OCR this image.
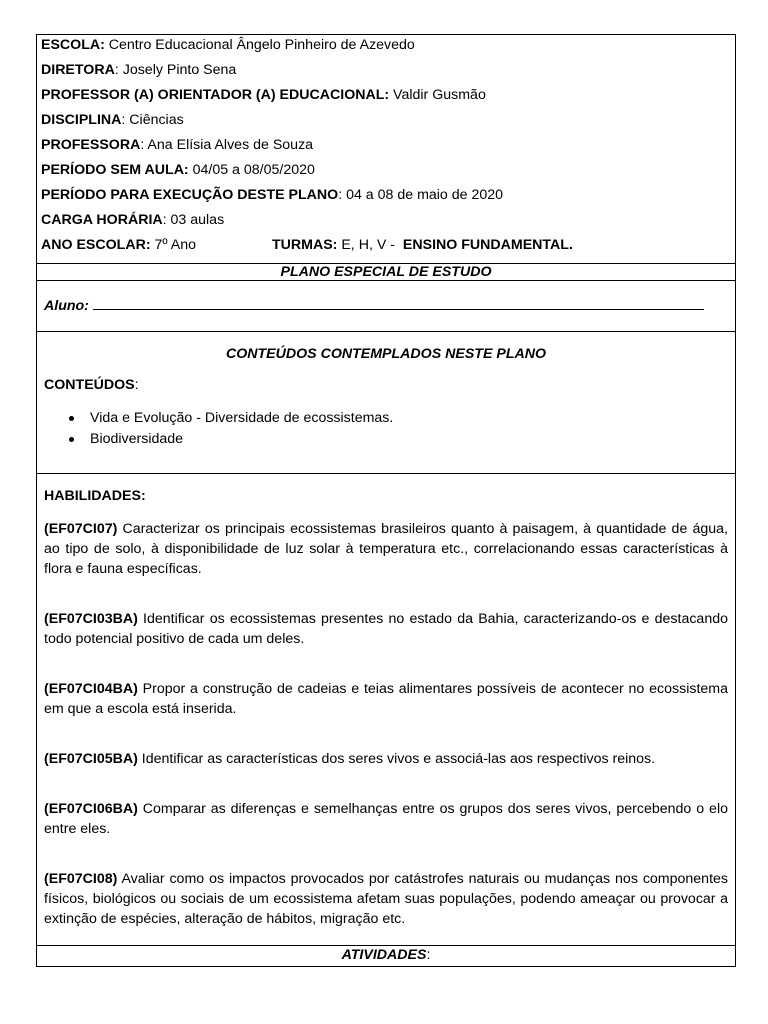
ESCOLA: Centro Educacional Ângelo Pinheiro de Azevedo
DIRETORA: Josely Pinto Sena
PROFESSOR (A) ORIENTADOR (A) EDUCACIONAL: Valdir Gusmão
DISCIPLINA: Ciências
PROFESSORA: Ana Elísia Alves de Souza
PERÍODO SEM AULA: 04/05 a 08/05/2020
PERÍODO PARA EXECUÇÃO DESTE PLANO: 04 a 08 de maio de 2020
CARGA HORÁRIA: 03 aulas
ANO ESCOLAR: 7º Ano	TURMAS: E, H, V - ENSINO FUNDAMENTAL.
PLANO ESPECIAL DE ESTUDO
Aluno:
CONTEÚDOS CONTEMPLADOS NESTE PLANO
CONTEÚDOS:
Vida e Evolução - Diversidade de ecossistemas.
Biodiversidade
HABILIDADES:
(EF07CI07) Caracterizar os principais ecossistemas brasileiros quanto à paisagem, à quantidade de água, ao tipo de solo, à disponibilidade de luz solar à temperatura etc., correlacionando essas características à flora e fauna específicas.
(EF07CI03BA) Identificar os ecossistemas presentes no estado da Bahia, caracterizando-os e destacando todo potencial positivo de cada um deles.
(EF07CI04BA) Propor a construção de cadeias e teias alimentares possíveis de acontecer no ecossistema em que a escola está inserida.
(EF07CI05BA) Identificar as características dos seres vivos e associá-las aos respectivos reinos.
(EF07CI06BA) Comparar as diferenças e semelhanças entre os grupos dos seres vivos, percebendo o elo entre eles.
(EF07CI08) Avaliar como os impactos provocados por catástrofes naturais ou mudanças nos componentes físicos, biológicos ou sociais de um ecossistema afetam suas populações, podendo ameaçar ou provocar a extinção de espécies, alteração de hábitos, migração etc.
ATIVIDADES:
